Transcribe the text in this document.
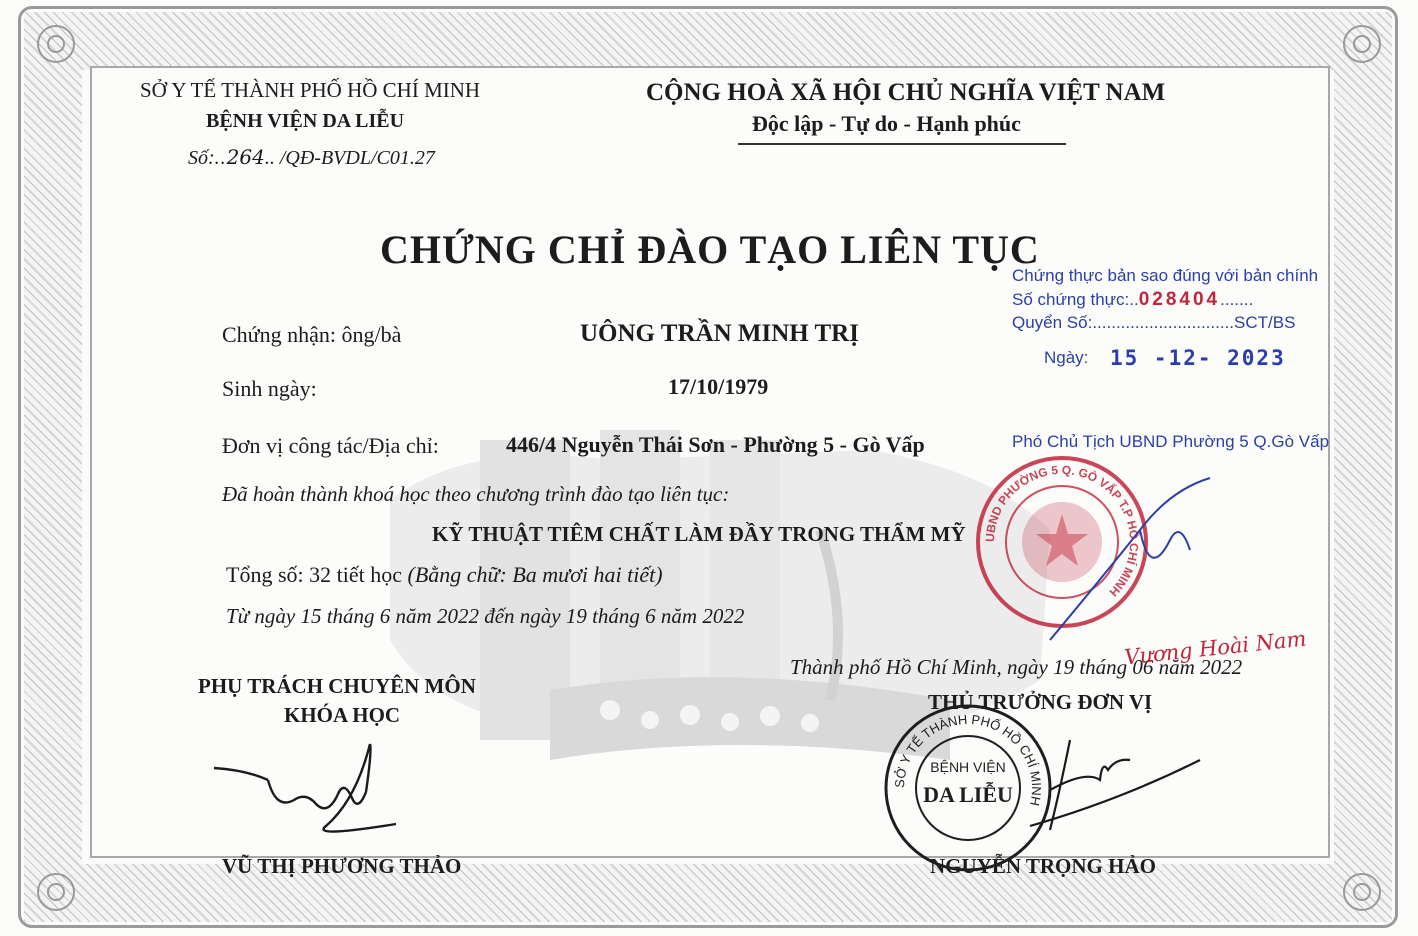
SỞ Y TẾ THÀNH PHỐ HỒ CHÍ MINH
BỆNH VIỆN DA LIỄU
Số:..264.. /QĐ-BVDL/C01.27
CỘNG HOÀ XÃ HỘI CHỦ NGHĨA VIỆT NAM
Độc lập - Tự do - Hạnh phúc
CHỨNG CHỈ ĐÀO TẠO LIÊN TỤC
Chứng nhận: ông/bà	UÔNG TRẦN MINH TRỊ
Sinh ngày:	17/10/1979
Đơn vị công tác/Địa chỉ:	446/4 Nguyễn Thái Sơn - Phường 5 - Gò Vấp
Đã hoàn thành khoá học theo chương trình đào tạo liên tục:
KỸ THUẬT TIÊM CHẤT LÀM ĐẦY TRONG THẨM MỸ
Tổng số: 32 tiết học (Bằng chữ: Ba mươi hai tiết)
Từ ngày 15 tháng 6 năm 2022 đến ngày 19 tháng 6 năm 2022
Thành phố Hồ Chí Minh, ngày 19 tháng 06 năm 2022
PHỤ TRÁCH CHUYÊN MÔN
KHÓA HỌC
VŨ THỊ PHƯƠNG THẢO
THỦ TRƯỞNG ĐƠN VỊ
NGUYỄN TRỌNG HẢO
UBND PHƯỜNG 5 Q. GÒ VẤP T.P HỒ CHÍ MINH
Chứng thực bản sao đúng với bản chính
Số chứng thực:..028404.......
Quyển Số:..............................SCT/BS
Ngày: 15 -12- 2023
Phó Chủ Tịch UBND Phường 5 Q.Gò Vấp
Vương Hoài Nam
SỞ Y TẾ THÀNH PHỐ HỒ CHÍ MINH
BỆNH VIỆN
DA LIỄU
